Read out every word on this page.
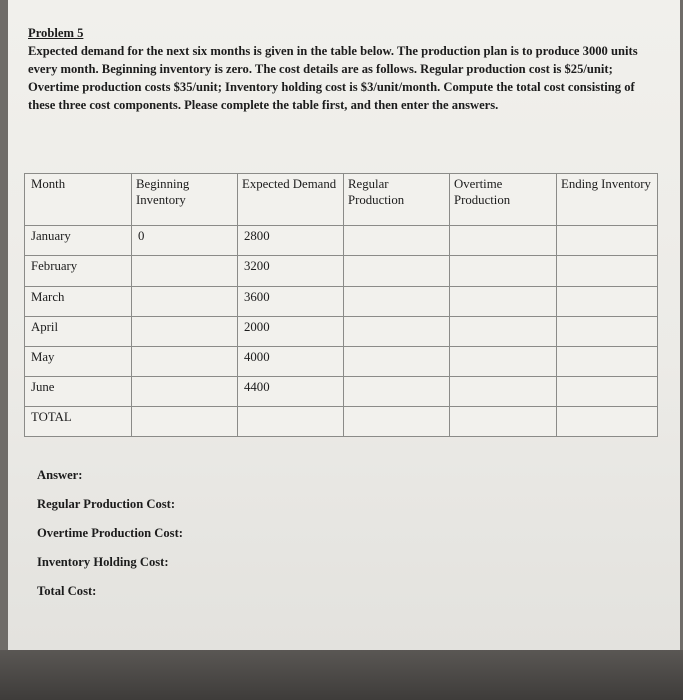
Problem 5
Expected demand for the next six months is given in the table below. The production plan is to produce 3000 units every month. Beginning inventory is zero. The cost details are as follows. Regular production cost is $25/unit; Overtime production costs $35/unit; Inventory holding cost is $3/unit/month. Compute the total cost consisting of these three cost components. Please complete the table first, and then enter the answers.
Month	Beginning Inventory	Expected Demand	Regular Production	Overtime Production	Ending Inventory
January	0	2800			
February		3200			
March		3600			
April		2000			
May		4000			
June		4400			
TOTAL					
Answer:
Regular Production Cost:
Overtime Production Cost:
Inventory Holding Cost:
Total Cost:
